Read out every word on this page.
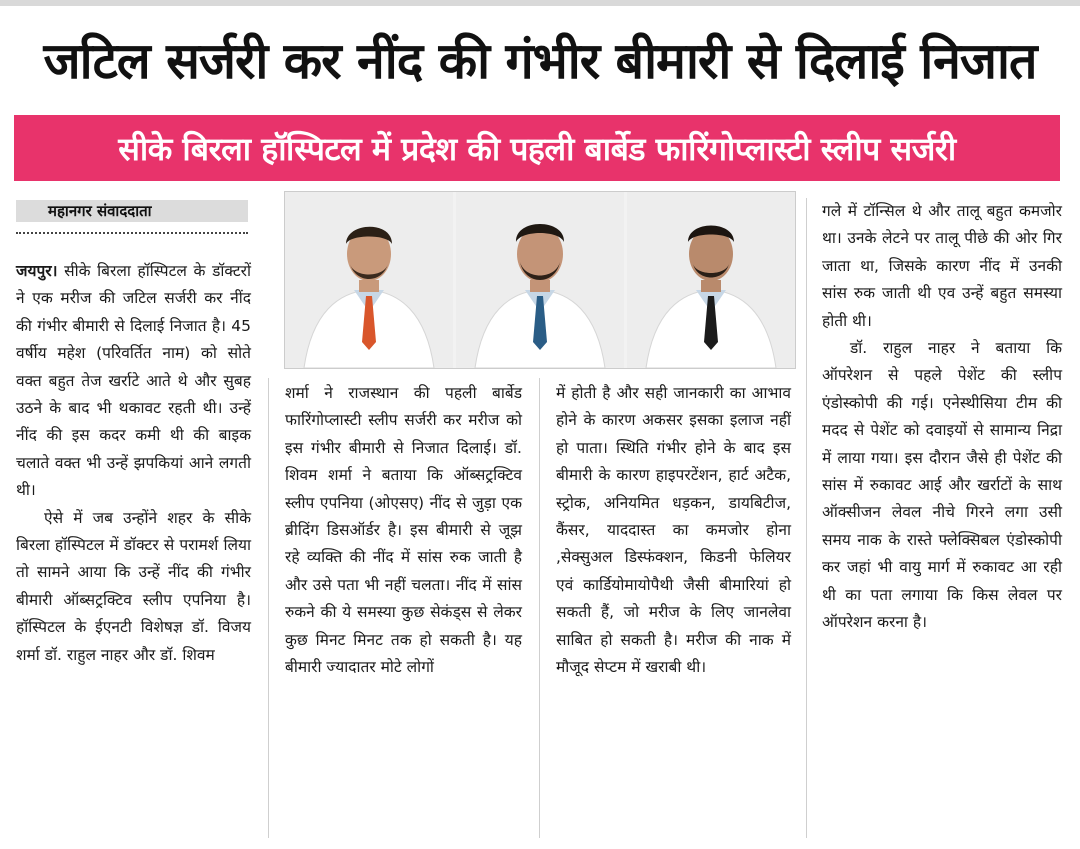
जटिल सर्जरी कर नींद की गंभीर बीमारी से दिलाई निजात
सीके बिरला हॉस्पिटल में प्रदेश की पहली बार्बेड फारिंगोप्लास्टी स्लीप सर्जरी
महानगर संवाददाता

जयपुर। सीके बिरला हॉस्पिटल के डॉक्टरों ने एक मरीज की जटिल सर्जरी कर नींद की गंभीर बीमारी से दिलाई निजात है। 45 वर्षीय महेश (परिवर्तित नाम) को सोते वक्त बहुत तेज खर्राटे आते थे और सुबह उठने के बाद भी थकावट रहती थी। उन्हें नींद की इस कदर कमी थी की बाइक चलाते वक्त भी उन्हें झपकियां आने लगती थी।

ऐसे में जब उन्होंने शहर के सीके बिरला हॉस्पिटल में डॉक्टर से परामर्श लिया तो सामने आया कि उन्हें नींद की गंभीर बीमारी ऑब्सट्रक्टिव स्लीप एपनिया है। हॉस्पिटल के ईएनटी विशेषज्ञ डॉ. विजय शर्मा डॉ. राहुल नाहर और डॉ. शिवम

शर्मा ने राजस्थान की पहली बार्बेड फारिंगोप्लास्टी स्लीप सर्जरी कर मरीज को इस गंभीर बीमारी से निजात दिलाई। डॉ. शिवम शर्मा ने बताया कि ऑब्सट्रक्टिव स्लीप एपनिया (ओएसए) नींद से जुड़ा एक ब्रीदिंग डिसऑर्डर है। इस बीमारी से जूझ रहे व्यक्ति की नींद में सांस रुक जाती है और उसे पता भी नहीं चलता। नींद में सांस रुकने की ये समस्या कुछ सेकंड्स से लेकर कुछ मिनट मिनट तक हो सकती है। यह बीमारी ज्यादातर मोटे लोगों

में होती है और सही जानकारी का आभाव होने के कारण अकसर इसका इलाज नहीं हो पाता। स्थिति गंभीर होने के बाद इस बीमारी के कारण हाइपरटेंशन, हार्ट अटैक, स्ट्रोक, अनियमित धड़कन, डायबिटीज, कैंसर, याददास्त का कमजोर होना ,सेक्सुअल डिस्फंक्शन, किडनी फेलियर एवं कार्डियोमायोपैथी जैसी बीमारियां हो सकती हैं, जो मरीज के लिए जानलेवा साबित हो सकती है। मरीज की नाक में मौजूद सेप्टम में खराबी थी।

गले में टॉन्सिल थे और तालू बहुत कमजोर था। उनके लेटने पर तालू पीछे की ओर गिर जाता था, जिसके कारण नींद में उनकी सांस रुक जाती थी एव उन्हें बहुत समस्या होती थी।

डॉ. राहुल नाहर ने बताया कि ऑपरेशन से पहले पेशेंट की स्लीप एंडोस्कोपी की गई। एनेस्थीसिया टीम की मदद से पेशेंट को दवाइयों से सामान्य निद्रा में लाया गया। इस दौरान जैसे ही पेशेंट की सांस में रुकावट आई और खर्राटों के साथ ऑक्सीजन लेवल नीचे गिरने लगा उसी समय नाक के रास्ते फ्लेक्सिबल एंडोस्कोपी कर जहां भी वायु मार्ग में रुकावट आ रही थी का पता लगाया कि किस लेवल पर ऑपरेशन करना है।
